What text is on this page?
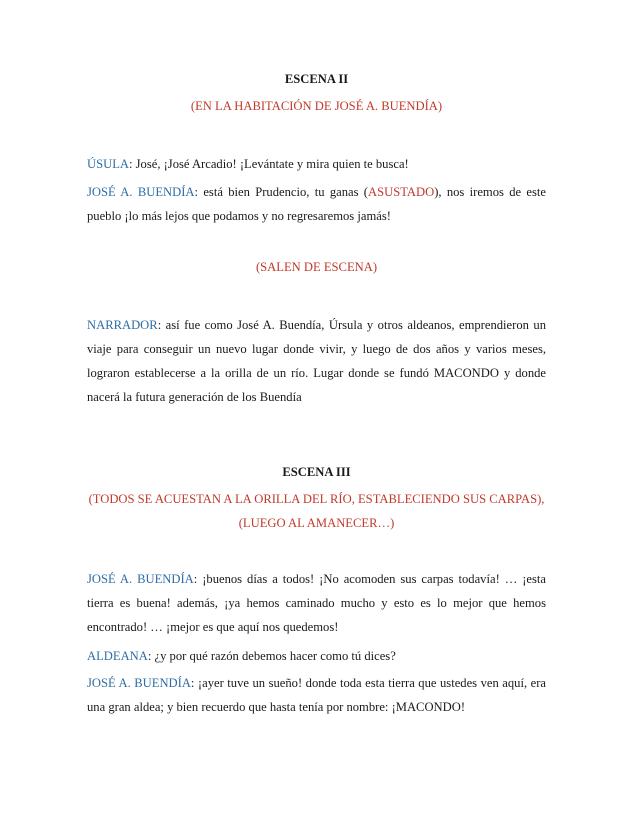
ESCENA II

(EN LA HABITACIÓN DE JOSÉ A. BUENDÍA)

ÚSULA: José, ¡José Arcadio! ¡Levántate y mira quien te busca!

JOSÉ A. BUENDÍA: está bien Prudencio, tu ganas (ASUSTADO), nos iremos de este pueblo ¡lo más lejos que podamos y no regresaremos jamás!

(SALEN DE ESCENA)

NARRADOR: así fue como José A. Buendía, Úrsula y otros aldeanos, emprendieron un viaje para conseguir un nuevo lugar donde vivir, y luego de dos años y varios meses, lograron establecerse a la orilla de un río. Lugar donde se fundó MACONDO y donde nacerá la futura generación de los Buendía

ESCENA III

(TODOS SE ACUESTAN A LA ORILLA DEL RÍO, ESTABLECIENDO SUS CARPAS),

(LUEGO AL AMANECER…)

JOSÉ A. BUENDÍA: ¡buenos días a todos! ¡No acomoden sus carpas todavía! … ¡esta tierra es buena! además, ¡ya hemos caminado mucho y esto es lo mejor que hemos encontrado! … ¡mejor es que aquí nos quedemos!

ALDEANA: ¿y por qué razón debemos hacer como tú dices?

JOSÉ A. BUENDÍA: ¡ayer tuve un sueño! donde toda esta tierra que ustedes ven aquí, era una gran aldea; y bien recuerdo que hasta tenía por nombre: ¡MACONDO!
